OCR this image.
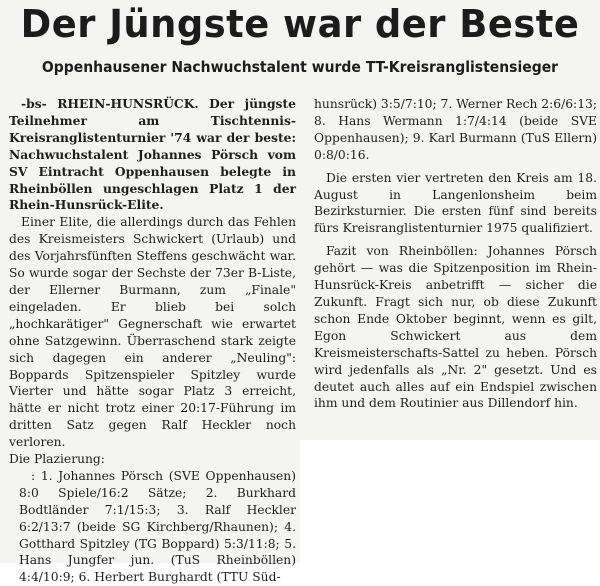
Der Jüngste war der Beste
Oppenhausener Nachwuchstalent wurde TT-Kreisranglistensieger

-bs- RHEIN-HUNSRÜCK. Der jüngste Teilnehmer am Tischtennis-Kreisranglistenturnier '74 war der beste: Nachwuchstalent Johannes Pörsch vom SV Eintracht Oppenhausen belegte in Rheinböllen ungeschlagen Platz 1 der Rhein-Hunsrück-Elite.

Einer Elite, die allerdings durch das Fehlen des Kreismeisters Schwickert (Urlaub) und des Vorjahrsfünften Steffens geschwächt war. So wurde sogar der Sechste der 73er B-Liste, der Ellerner Burmann, zum „Finale" eingeladen. Er blieb bei solch „hochkarätiger" Gegnerschaft wie erwartet ohne Satzgewinn. Überraschend stark zeigte sich dagegen ein anderer „Neuling": Boppards Spitzenspieler Spitzley wurde Vierter und hätte sogar Platz 3 erreicht, hätte er nicht trotz einer 20:17-Führung im dritten Satz gegen Ralf Heckler noch verloren.

Die Plazierung:

: 1. Johannes Pörsch (SVE Oppenhausen) 8:0 Spiele/16:2 Sätze; 2. Burkhard Bodtländer 7:1/15:3; 3. Ralf Heckler 6:2/13:7 (beide SG Kirchberg/Rhaunen); 4. Gotthard Spitzley (TG Boppard) 5:3/11:8; 5. Hans Jungfer jun. (TuS Rheinböllen) 4:4/10:9; 6. Herbert Burghardt (TTU Süd-

hunsrück) 3:5/7:10; 7. Werner Rech 2:6/6:13; 8. Hans Wermann 1:7/4:14 (beide SVE Oppenhausen); 9. Karl Burmann (TuS Ellern) 0:8/0:16.

Die ersten vier vertreten den Kreis am 18. August in Langenlonsheim beim Bezirksturnier. Die ersten fünf sind bereits fürs Kreisranglistenturnier 1975 qualifiziert.

Fazit von Rheinböllen: Johannes Pörsch gehört — was die Spitzenposition im Rhein-Hunsrück-Kreis anbetrifft — sicher die Zukunft. Fragt sich nur, ob diese Zukunft schon Ende Oktober beginnt, wenn es gilt, Egon Schwickert aus dem Kreismeisterschafts-Sattel zu heben. Pörsch wird jedenfalls als „Nr. 2" gesetzt. Und es deutet auch alles auf ein Endspiel zwischen ihm und dem Routinier aus Dillendorf hin.
